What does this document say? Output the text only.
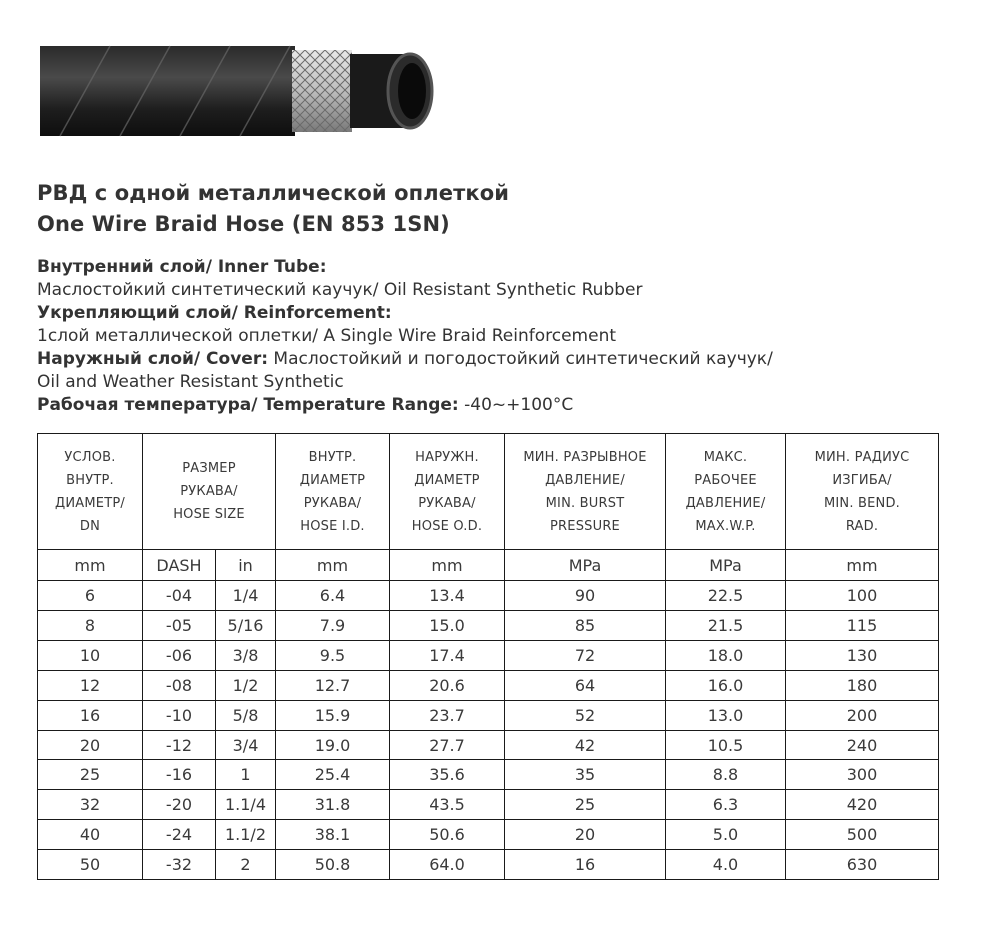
РВД с одной металлической оплеткой
One Wire Braid Hose (EN 853 1SN)
Внутренний слой/ Inner Tube:
Маслостойкий синтетический каучук/ Oil Resistant Synthetic Rubber
Укрепляющий слой/ Reinforcement:
1слой металлической оплетки/ A Single Wire Braid Reinforcement
Наружный слой/ Cover: Маслостойкий и погодостойкий синтетический каучук/
Oil and Weather Resistant Synthetic
Рабочая температура/ Temperature Range: -40~+100°C
УСЛОВ.
ВНУТР.
ДИАМЕТР/
DN	РАЗМЕР
РУКАВА/
HOSE SIZE		ВНУТР.
ДИАМЕТР
РУКАВА/
HOSE I.D.	НАРУЖН.
ДИАМЕТР
РУКАВА/
HOSE O.D.	МИН. РАЗРЫВНОЕ
ДАВЛЕНИЕ/
MIN. BURST
PRESSURE	МАКС.
РАБОЧЕЕ
ДАВЛЕНИЕ/
MAX.W.P.	МИН. РАДИУС
ИЗГИБА/
MIN. BEND.
RAD.

mm	DASH	in	mm	mm	MPa	MPa	mm
6	-04	1/4	6.4	13.4	90	22.5	100
8	-05	5/16	7.9	15.0	85	21.5	115
10	-06	3/8	9.5	17.4	72	18.0	130
12	-08	1/2	12.7	20.6	64	16.0	180
16	-10	5/8	15.9	23.7	52	13.0	200
20	-12	3/4	19.0	27.7	42	10.5	240
25	-16	1	25.4	35.6	35	8.8	300
32	-20	1.1/4	31.8	43.5	25	6.3	420
40	-24	1.1/2	38.1	50.6	20	5.0	500
50	-32	2	50.8	64.0	16	4.0	630
